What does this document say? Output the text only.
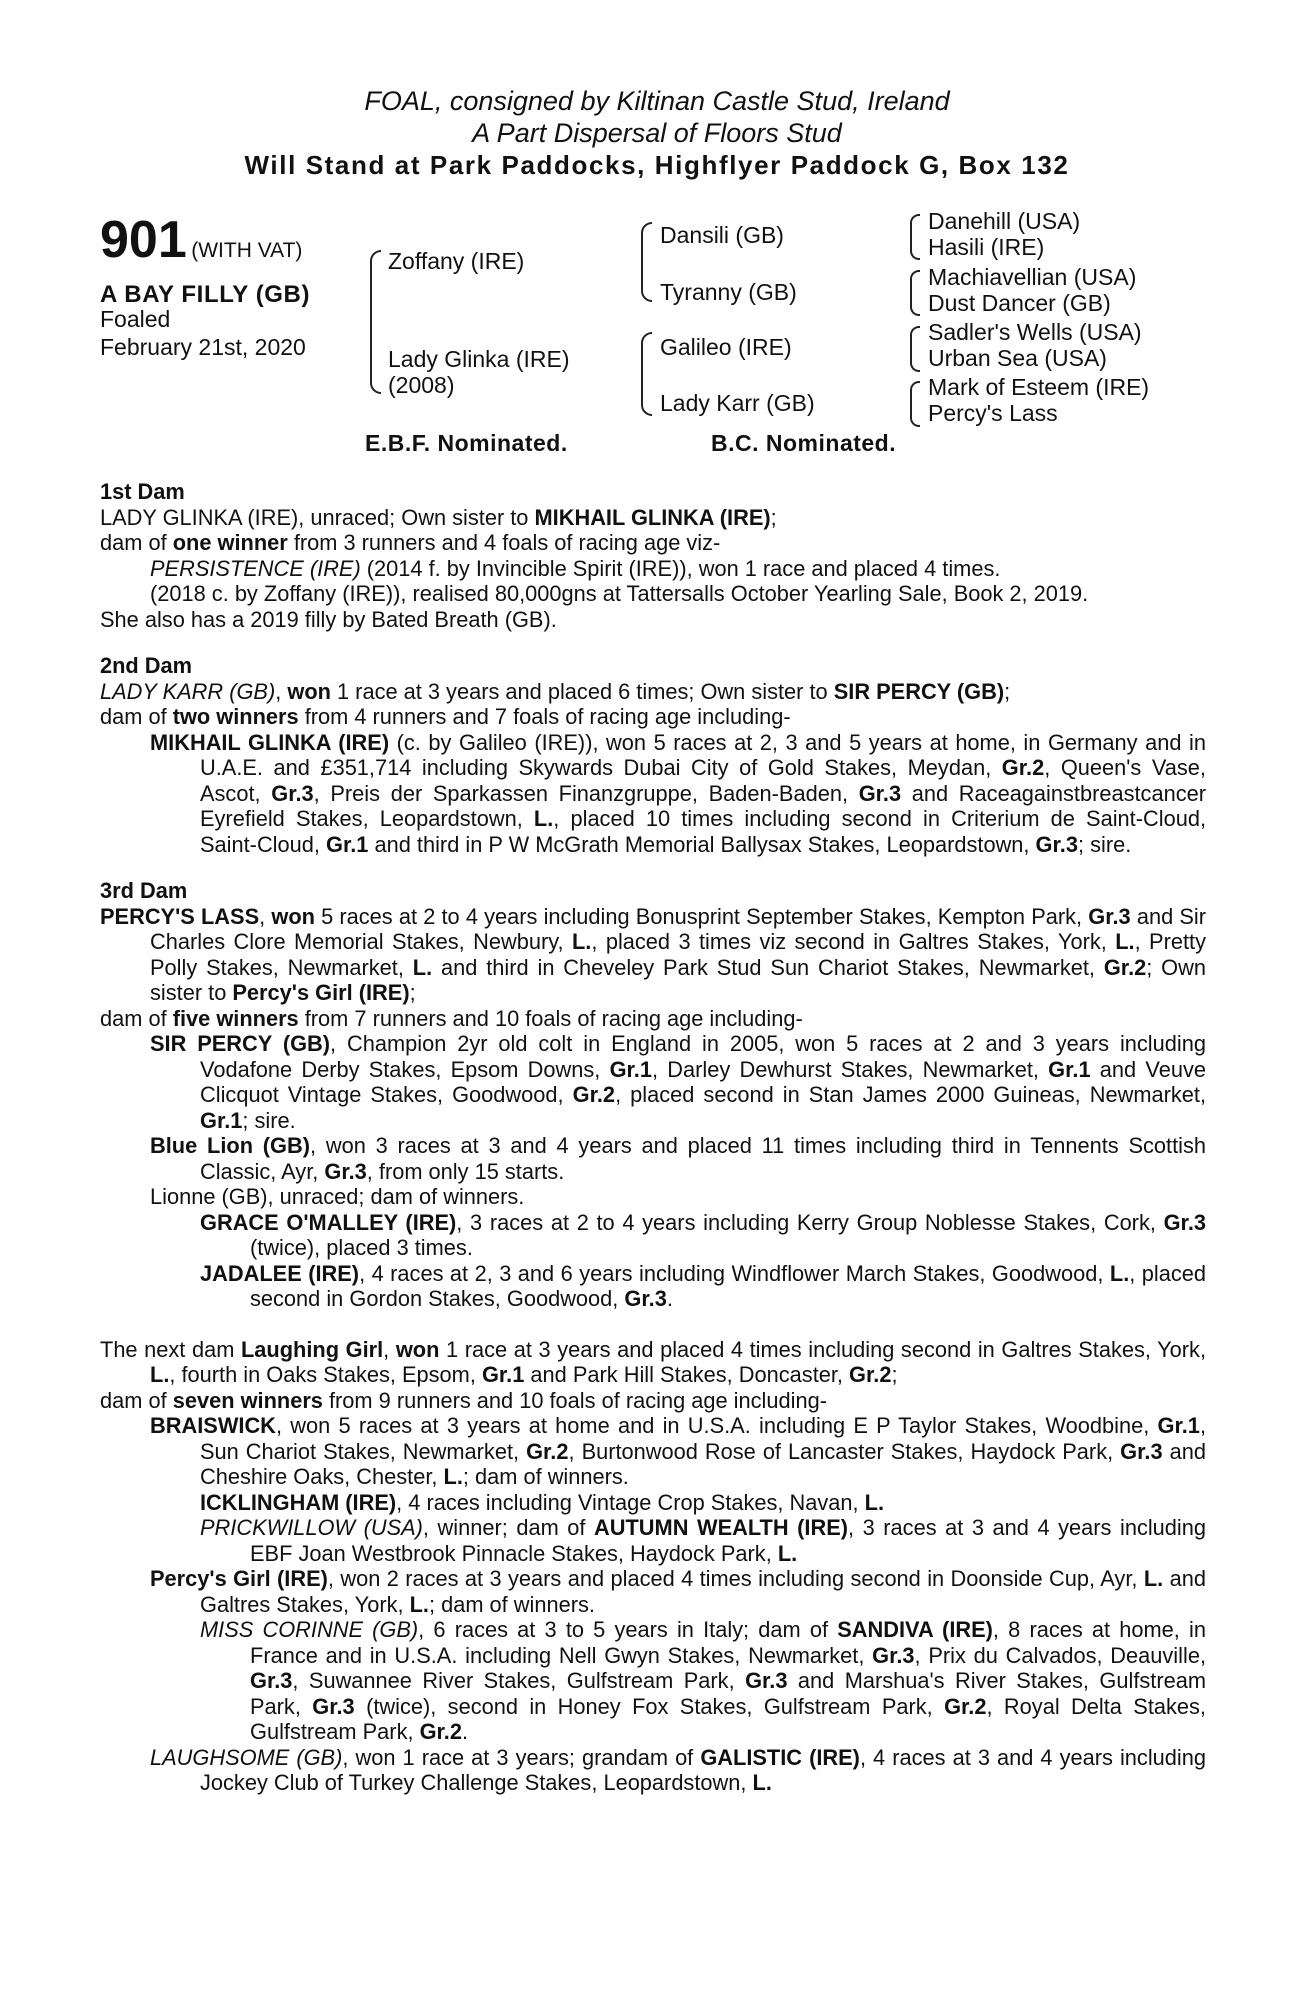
FOAL, consigned by Kiltinan Castle Stud, Ireland
A Part Dispersal of Floors Stud
Will Stand at Park Paddocks, Highflyer Paddock G, Box 132
901 (WITH VAT)
A BAY FILLY (GB)
Foaled
February 21st, 2020
Zoffany (IRE)
Lady Glinka (IRE)
(2008)
Dansili (GB)
Tyranny (GB)
Galileo (IRE)
Lady Karr (GB)
Danehill (USA)
Hasili (IRE)
Machiavellian (USA)
Dust Dancer (GB)
Sadler's Wells (USA)
Urban Sea (USA)
Mark of Esteem (IRE)
Percy's Lass
E.B.F. Nominated.	B.C. Nominated.
1st Dam

LADY GLINKA (IRE), unraced; Own sister to MIKHAIL GLINKA (IRE);

dam of one winner from 3 runners and 4 foals of racing age viz-

PERSISTENCE (IRE) (2014 f. by Invincible Spirit (IRE)), won 1 race and placed 4 times.

(2018 c. by Zoffany (IRE)), realised 80,000gns at Tattersalls October Yearling Sale, Book 2, 2019.

She also has a 2019 filly by Bated Breath (GB).

2nd Dam

LADY KARR (GB), won 1 race at 3 years and placed 6 times; Own sister to SIR PERCY (GB);

dam of two winners from 4 runners and 7 foals of racing age including-

MIKHAIL GLINKA (IRE) (c. by Galileo (IRE)), won 5 races at 2, 3 and 5 years at home, in Germany and in U.A.E. and £351,714 including Skywards Dubai City of Gold Stakes, Meydan, Gr.2, Queen's Vase, Ascot, Gr.3, Preis der Sparkassen Finanzgruppe, Baden-Baden, Gr.3 and Raceagainstbreastcancer Eyrefield Stakes, Leopardstown, L., placed 10 times including second in Criterium de Saint-Cloud, Saint-Cloud, Gr.1 and third in P W McGrath Memorial Ballysax Stakes, Leopardstown, Gr.3; sire.

3rd Dam

PERCY'S LASS, won 5 races at 2 to 4 years including Bonusprint September Stakes, Kempton Park, Gr.3 and Sir Charles Clore Memorial Stakes, Newbury, L., placed 3 times viz second in Galtres Stakes, York, L., Pretty Polly Stakes, Newmarket, L. and third in Cheveley Park Stud Sun Chariot Stakes, Newmarket, Gr.2; Own sister to Percy's Girl (IRE);

dam of five winners from 7 runners and 10 foals of racing age including-

SIR PERCY (GB), Champion 2yr old colt in England in 2005, won 5 races at 2 and 3 years including Vodafone Derby Stakes, Epsom Downs, Gr.1, Darley Dewhurst Stakes, Newmarket, Gr.1 and Veuve Clicquot Vintage Stakes, Goodwood, Gr.2, placed second in Stan James 2000 Guineas, Newmarket, Gr.1; sire.

Blue Lion (GB), won 3 races at 3 and 4 years and placed 11 times including third in Tennents Scottish Classic, Ayr, Gr.3, from only 15 starts.

Lionne (GB), unraced; dam of winners.

GRACE O'MALLEY (IRE), 3 races at 2 to 4 years including Kerry Group Noblesse Stakes, Cork, Gr.3 (twice), placed 3 times.

JADALEE (IRE), 4 races at 2, 3 and 6 years including Windflower March Stakes, Goodwood, L., placed second in Gordon Stakes, Goodwood, Gr.3.

The next dam Laughing Girl, won 1 race at 3 years and placed 4 times including second in Galtres Stakes, York, L., fourth in Oaks Stakes, Epsom, Gr.1 and Park Hill Stakes, Doncaster, Gr.2;

dam of seven winners from 9 runners and 10 foals of racing age including-

BRAISWICK, won 5 races at 3 years at home and in U.S.A. including E P Taylor Stakes, Woodbine, Gr.1, Sun Chariot Stakes, Newmarket, Gr.2, Burtonwood Rose of Lancaster Stakes, Haydock Park, Gr.3 and Cheshire Oaks, Chester, L.; dam of winners.

ICKLINGHAM (IRE), 4 races including Vintage Crop Stakes, Navan, L.

PRICKWILLOW (USA), winner; dam of AUTUMN WEALTH (IRE), 3 races at 3 and 4 years including EBF Joan Westbrook Pinnacle Stakes, Haydock Park, L.

Percy's Girl (IRE), won 2 races at 3 years and placed 4 times including second in Doonside Cup, Ayr, L. and Galtres Stakes, York, L.; dam of winners.

MISS CORINNE (GB), 6 races at 3 to 5 years in Italy; dam of SANDIVA (IRE), 8 races at home, in France and in U.S.A. including Nell Gwyn Stakes, Newmarket, Gr.3, Prix du Calvados, Deauville, Gr.3, Suwannee River Stakes, Gulfstream Park, Gr.3 and Marshua's River Stakes, Gulfstream Park, Gr.3 (twice), second in Honey Fox Stakes, Gulfstream Park, Gr.2, Royal Delta Stakes, Gulfstream Park, Gr.2.

LAUGHSOME (GB), won 1 race at 3 years; grandam of GALISTIC (IRE), 4 races at 3 and 4 years including Jockey Club of Turkey Challenge Stakes, Leopardstown, L.
